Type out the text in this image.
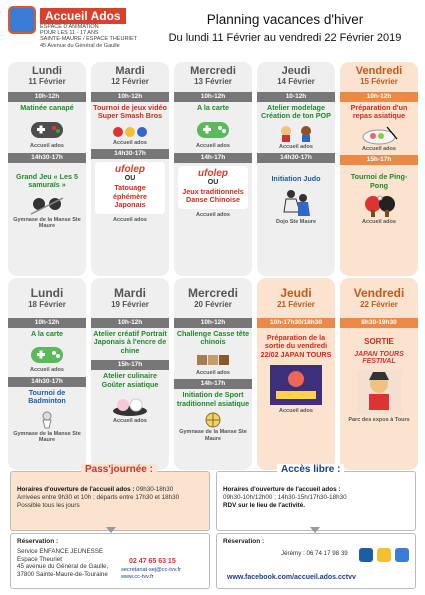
Accueil Ados
ESPACE D'ANIMATION
POUR LES 11 - 17 ANS
SAINTE-MAURE / ESPACE THEURIET
45 Avenue du Général de Gaulle
Planning vacances d'hiver
Du lundi 11 Février au vendredi 22 Février 2019
Lundi
11 Février
10h-12h
Matinée canapé
Accueil ados
14h30-17h
Grand Jeu « Les 5 samuraïs »
Gymnase de la Manse Ste Maure
Mardi
12 Février
10h-12h
Tournoi de jeux vidéo Super Smash Bros
Accueil ados
14h30-17h
ufolep
OU
Tatouage éphémère Japonais
Accueil ados
Mercredi
13 Février
10h-12h
A la carte
Accueil ados
14h-17h
ufolep
OU
Jeux traditionnels Danse Chinoise
Accueil ados
Jeudi
14 Février
10-12h
Atelier modelage Création de ton POP
Accueil ados
14h30-17h
Initiation Judo
Dojo Ste Maure
Vendredi
15 Février
10h-12h
Préparation d'un repas asiatique
Accueil ados
15h-17h
Tournoi de Ping-Pong
Accueil ados
Lundi
18 Février
10h-12h
A la carte
Accueil ados
14h30-17h
Tournoi de Badminton
Gymnase de la Manse Ste Maure
Mardi
19 Février
10h-12h
Atelier créatif Portrait Japonais à l'encre de chine
15h-17h
Atelier culinaire Goûter asiatique
Accueil ados
Mercredi
20 Février
10h-12h
Challenge Casse tête chinois
Accueil ados
14h-17h
Initiation de Sport traditionnel asiatique
Gymnase de la Manse Ste Maure
Jeudi
21 Février
10h-17h30/18h30
Préparation de la sortie du vendredi 22/02 JAPAN TOURS
Accueil ados
Vendredi
22 Février
8h30-19h30
SORTIE
JAPAN TOURS FESTIVAL
Parc des expos à Tours
Pass'journée :
Horaires d'ouverture de l'accueil ados : 09h30-18h30
Arrivées entre 9h30 et 10h ; départs entre 17h30 et 18h30
Possible tous les jours
Accès libre :
Horaires d'ouverture de l'accueil ados :
09h30-10h/12h00 ; 14h30-15h/17h30-18h30
RDV sur le lieu de l'activité.
Réservation :
Service ENFANCE JEUNESSE
Espace Theuriet
45 avenue du Général de Gaulle,
37800 Sainte-Maure-de-Touraine
02 47 65 63 15
secretariat-sej@cc-tvv.fr
www.cc-tvv.fr
Réservation :
Jérémy : 06 74 17 98 39
www.facebook.com/accueil.ados.cctvv
